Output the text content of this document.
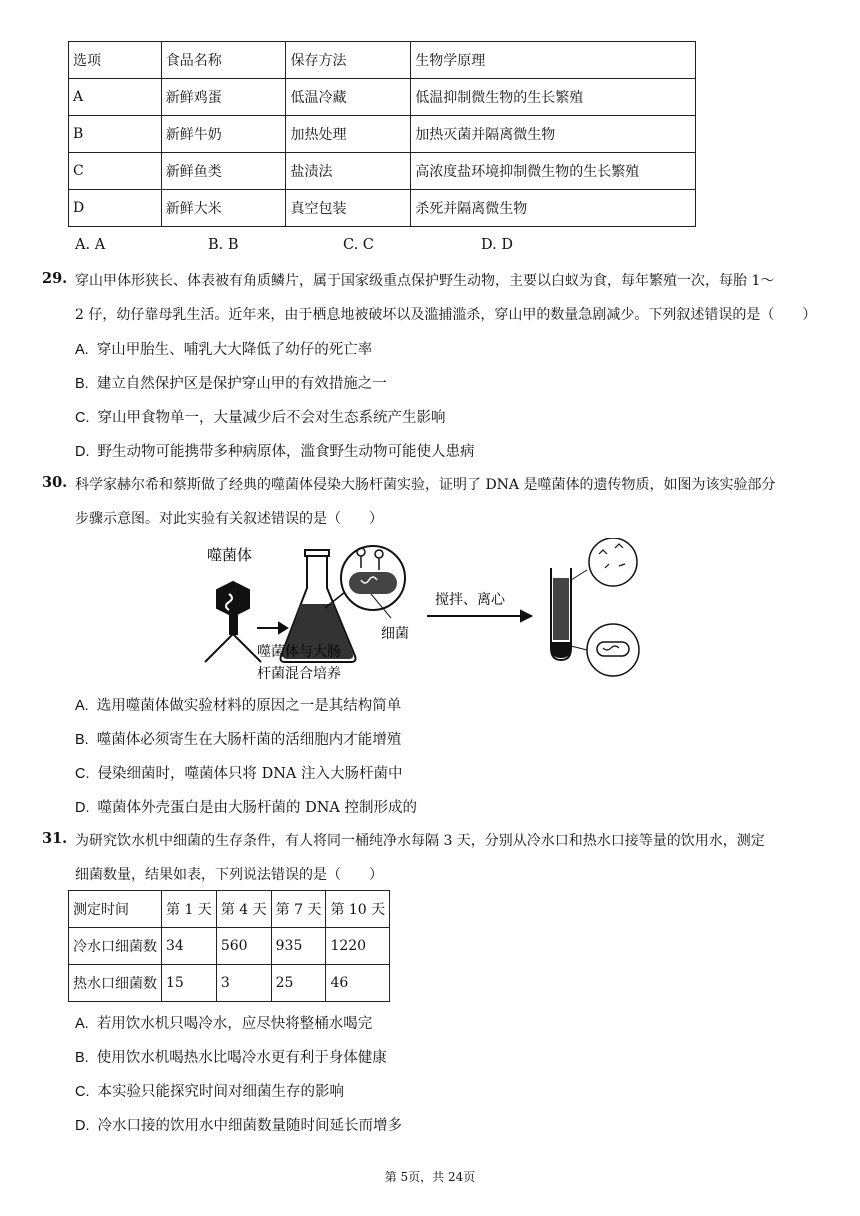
选项	食品名称	保存方法	生物学原理
A	新鲜鸡蛋	低温冷藏	低温抑制微生物的生长繁殖
B	新鲜牛奶	加热处理	加热灭菌并隔离微生物
C	新鲜鱼类	盐渍法	高浓度盐环境抑制微生物的生长繁殖
D	新鲜大米	真空包装	杀死并隔离微生物
A. A	B. B	C. C	D. D
29. 穿山甲体形狭长、体表被有角质鳞片，属于国家级重点保护野生动物，主要以白蚁为食，每年繁殖一次，每胎 1～
2 仔，幼仔靠母乳生活。近年来，由于栖息地被破坏以及滥捕滥杀，穿山甲的数量急剧减少。下列叙述错误的是（　　）
A. 穿山甲胎生、哺乳大大降低了幼仔的死亡率
B. 建立自然保护区是保护穿山甲的有效措施之一
C. 穿山甲食物单一，大量减少后不会对生态系统产生影响
D. 野生动物可能携带多种病原体，滥食野生动物可能使人患病
30. 科学家赫尔希和蔡斯做了经典的噬菌体侵染大肠杆菌实验，证明了 DNA 是噬菌体的遗传物质，如图为该实验部分
步骤示意图。对此实验有关叙述错误的是（　　）
噬菌体
细菌
噬菌体与大肠
杆菌混合培养
搅拌、离心
A. 选用噬菌体做实验材料的原因之一是其结构简单
B. 噬菌体必须寄生在大肠杆菌的活细胞内才能增殖
C. 侵染细菌时，噬菌体只将 DNA 注入大肠杆菌中
D. 噬菌体外壳蛋白是由大肠杆菌的 DNA 控制形成的
31. 为研究饮水机中细菌的生存条件，有人将同一桶纯净水每隔 3 天，分别从冷水口和热水口接等量的饮用水，测定
细菌数量，结果如表，下列说法错误的是（　　）
测定时间	第 1 天	第 4 天	第 7 天	第 10 天
冷水口细菌数	34	560	935	1220
热水口细菌数	15	3	25	46
A. 若用饮水机只喝冷水，应尽快将整桶水喝完
B. 使用饮水机喝热水比喝冷水更有利于身体健康
C. 本实验只能探究时间对细菌生存的影响
D. 冷水口接的饮用水中细菌数量随时间延长而增多
第 5页，共 24页
